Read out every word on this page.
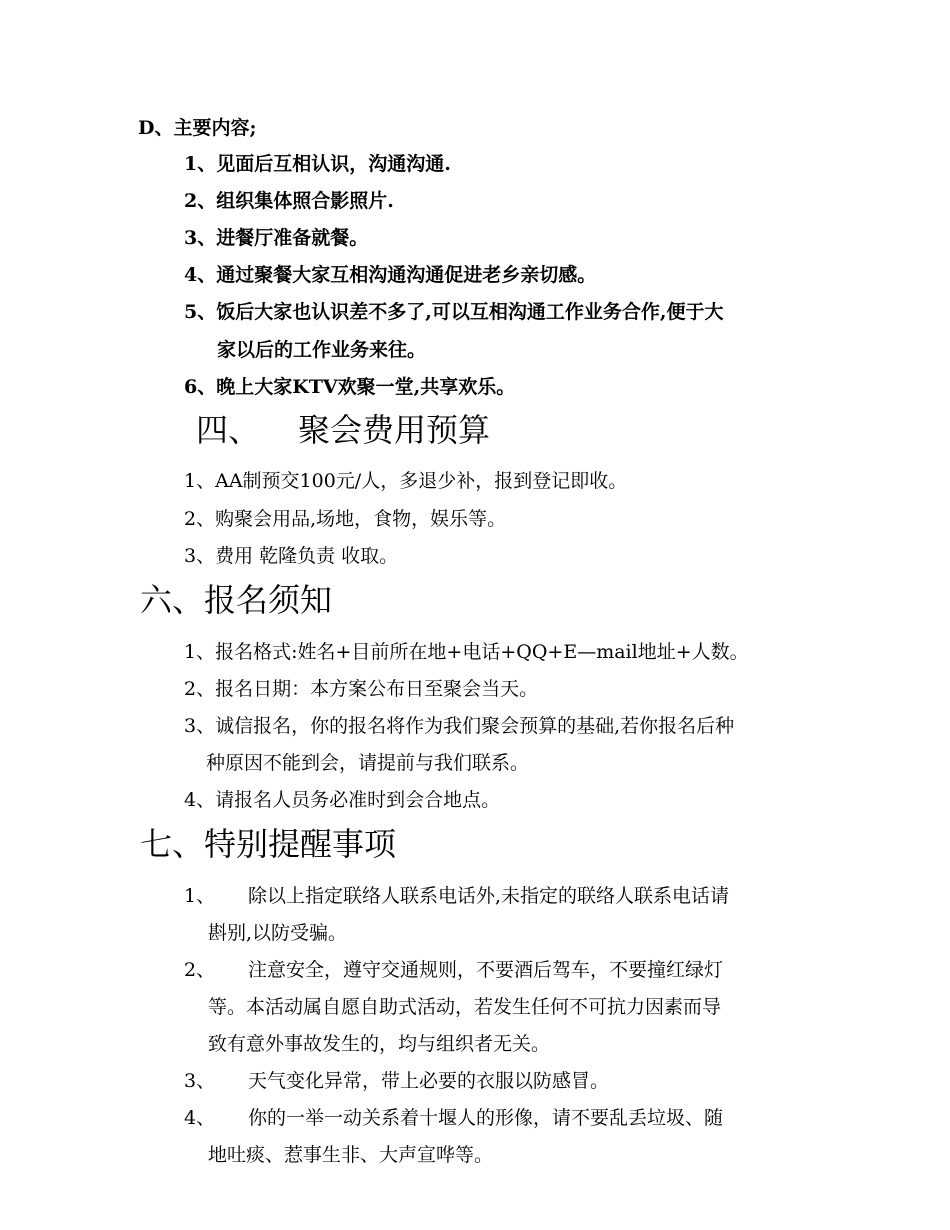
D、主要内容;
1、见面后互相认识，沟通沟通.
2、组织集体照合影照片.
3、进餐厅准备就餐。
4、通过聚餐大家互相沟通沟通促进老乡亲切感。
5、饭后大家也认识差不多了,可以互相沟通工作业务合作,便于大
家以后的工作业务来往。
6、晚上大家KTV欢聚一堂,共享欢乐。
四、 聚会费用预算
1、AA制预交100元/人，多退少补，报到登记即收。
2、购聚会用品,场地，食物，娱乐等。
3、费用 乾隆负责 收取。
六、报名须知
1、报名格式:姓名+目前所在地+电话+QQ+E—mail地址+人数。
2、报名日期：本方案公布日至聚会当天。
3、诚信报名，你的报名将作为我们聚会预算的基础,若你报名后种
种原因不能到会，请提前与我们联系。
4、请报名人员务必准时到会合地点。
七、特别提醒事项
1、 除以上指定联络人联系电话外,未指定的联络人联系电话请
斟别,以防受骗。
2、 注意安全，遵守交通规则，不要酒后驾车，不要撞红绿灯
等。本活动属自愿自助式活动，若发生任何不可抗力因素而导
致有意外事故发生的，均与组织者无关。
3、 天气变化异常，带上必要的衣服以防感冒。
4、 你的一举一动关系着十堰人的形像，请不要乱丢垃圾、随
地吐痰、惹事生非、大声宣哗等。
